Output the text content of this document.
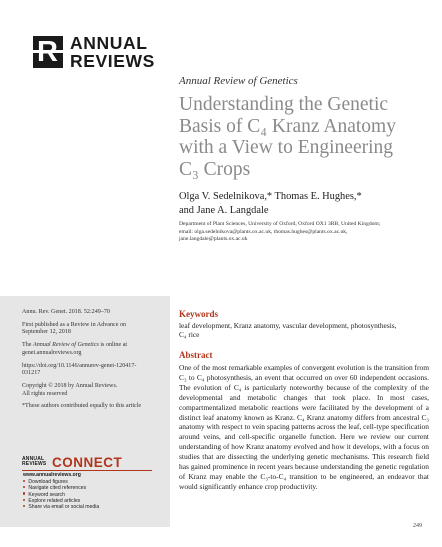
ANNUAL
REVIEWS
Annual Review of Genetics
Understanding the Genetic
Basis of C₄ Kranz Anatomy
with a View to Engineering
C₃ Crops
Olga V. Sedelnikova,* Thomas E. Hughes,*
and Jane A. Langdale
Department of Plant Sciences, University of Oxford, Oxford OX1 3RB, United Kingdom;
email: olga.sedelnikova@plants.ox.ac.uk, thomas.hughes@plants.ox.ac.uk,
jane.langdale@plants.ox.ac.uk

Annu. Rev. Genet. 2018. 52:249–70

First published as a Review in Advance on
September 12, 2018

The Annual Review of Genetics is online at
genet.annualreviews.org

https://doi.org/10.1146/annurev-genet-120417-
031217

Copyright © 2018 by Annual Reviews.
All rights reserved

*These authors contributed equally to this article

ANNUAL
REVIEWS CONNECT
www.annualreviews.org
Download figures
Navigate cited references
Keyword search
Explore related articles
Share via email or social media
Keywords
leaf development, Kranz anatomy, vascular development, photosynthesis,
C₄ rice
Abstract
One of the most remarkable examples of convergent evolution is the transition from C₃ to C₄ photosynthesis, an event that occurred on over 60 independent occasions. The evolution of C₄ is particularly noteworthy because of the complexity of the developmental and metabolic changes that took place. In most cases, compartmentalized metabolic reactions were facilitated by the development of a distinct leaf anatomy known as Kranz. C₄ Kranz anatomy differs from ancestral C₃ anatomy with respect to vein spacing patterns across the leaf, cell-type specification around veins, and cell-specific organelle function. Here we review our current understanding of how Kranz anatomy evolved and how it develops, with a focus on studies that are dissecting the underlying genetic mechanisms. This research field has gained prominence in recent years because understanding the genetic regulation of Kranz may enable the C₃-to-C₄ transition to be engineered, an endeavor that would significantly enhance crop productivity.
249
